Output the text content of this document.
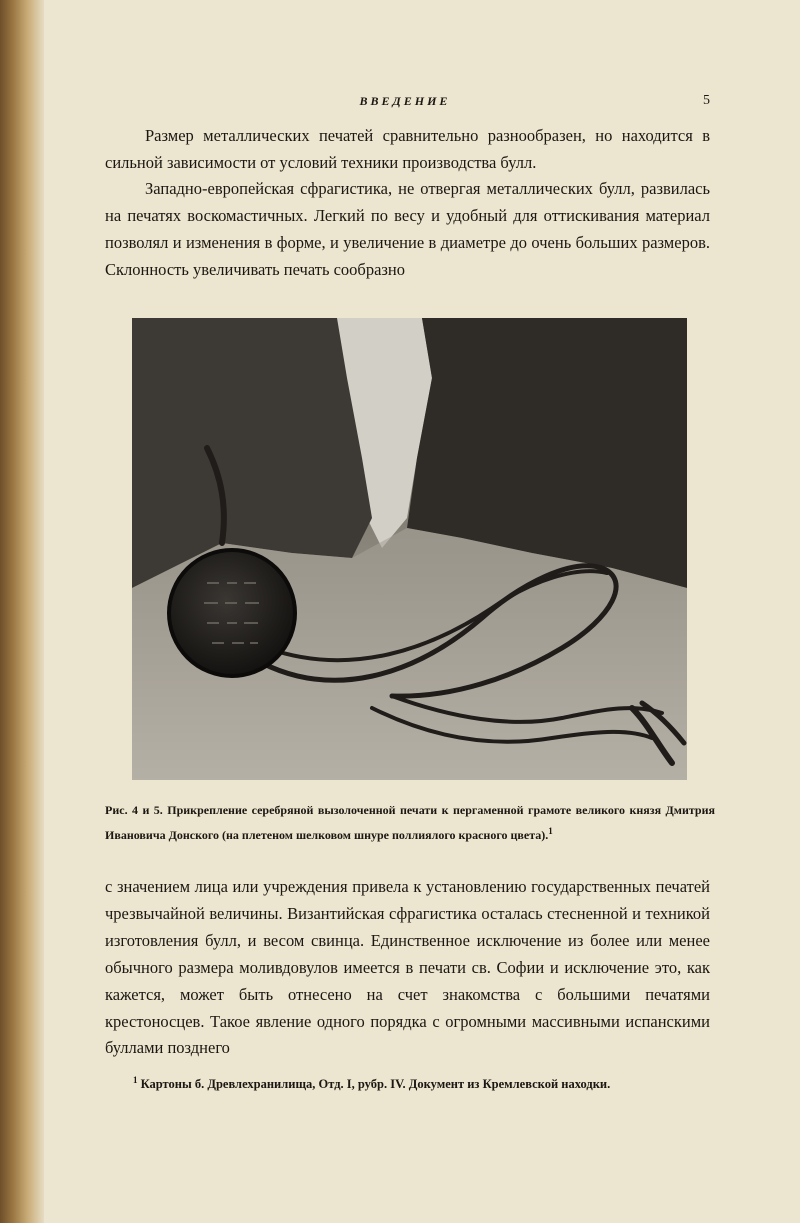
ВВЕДЕНИЕ	5

Размер металлических печатей сравнительно разнообразен, но находится в сильной зависимости от условий техники производства булл.

Западно-европейская сфрагистика, не отвергая металлических булл, развилась на печатях воскомастичных. Легкий по весу и удобный для оттискивания материал позволял и изменения в форме, и увеличение в диаметре до очень больших размеров. Склонность увеличивать печать сообразно

Рис. 4 и 5. Прикрепление серебряной вызолоченной печати к пергаменной грамоте великого князя Дмитрия Ивановича Донского (на плетеном шелковом шнуре поллиялого красного цвета).$^1$

с значением лица или учреждения привела к установлению государственных печатей чрезвычайной величины. Византийская сфрагистика осталась стесненной и техникой изготовления булл, и весом свинца. Единственное исключение из более или менее обычного размера моливдовулов имеется в печати св. Софии и исключение это, как кажется, может быть отнесено на счет знакомства с большими печатями крестоносцев. Такое явление одного порядка с огромными массивными испанскими буллами позднего

$^1$ Картоны б. Древлехранилища, Отд. I, рубр. IV. Документ из Кремлевской находки.
